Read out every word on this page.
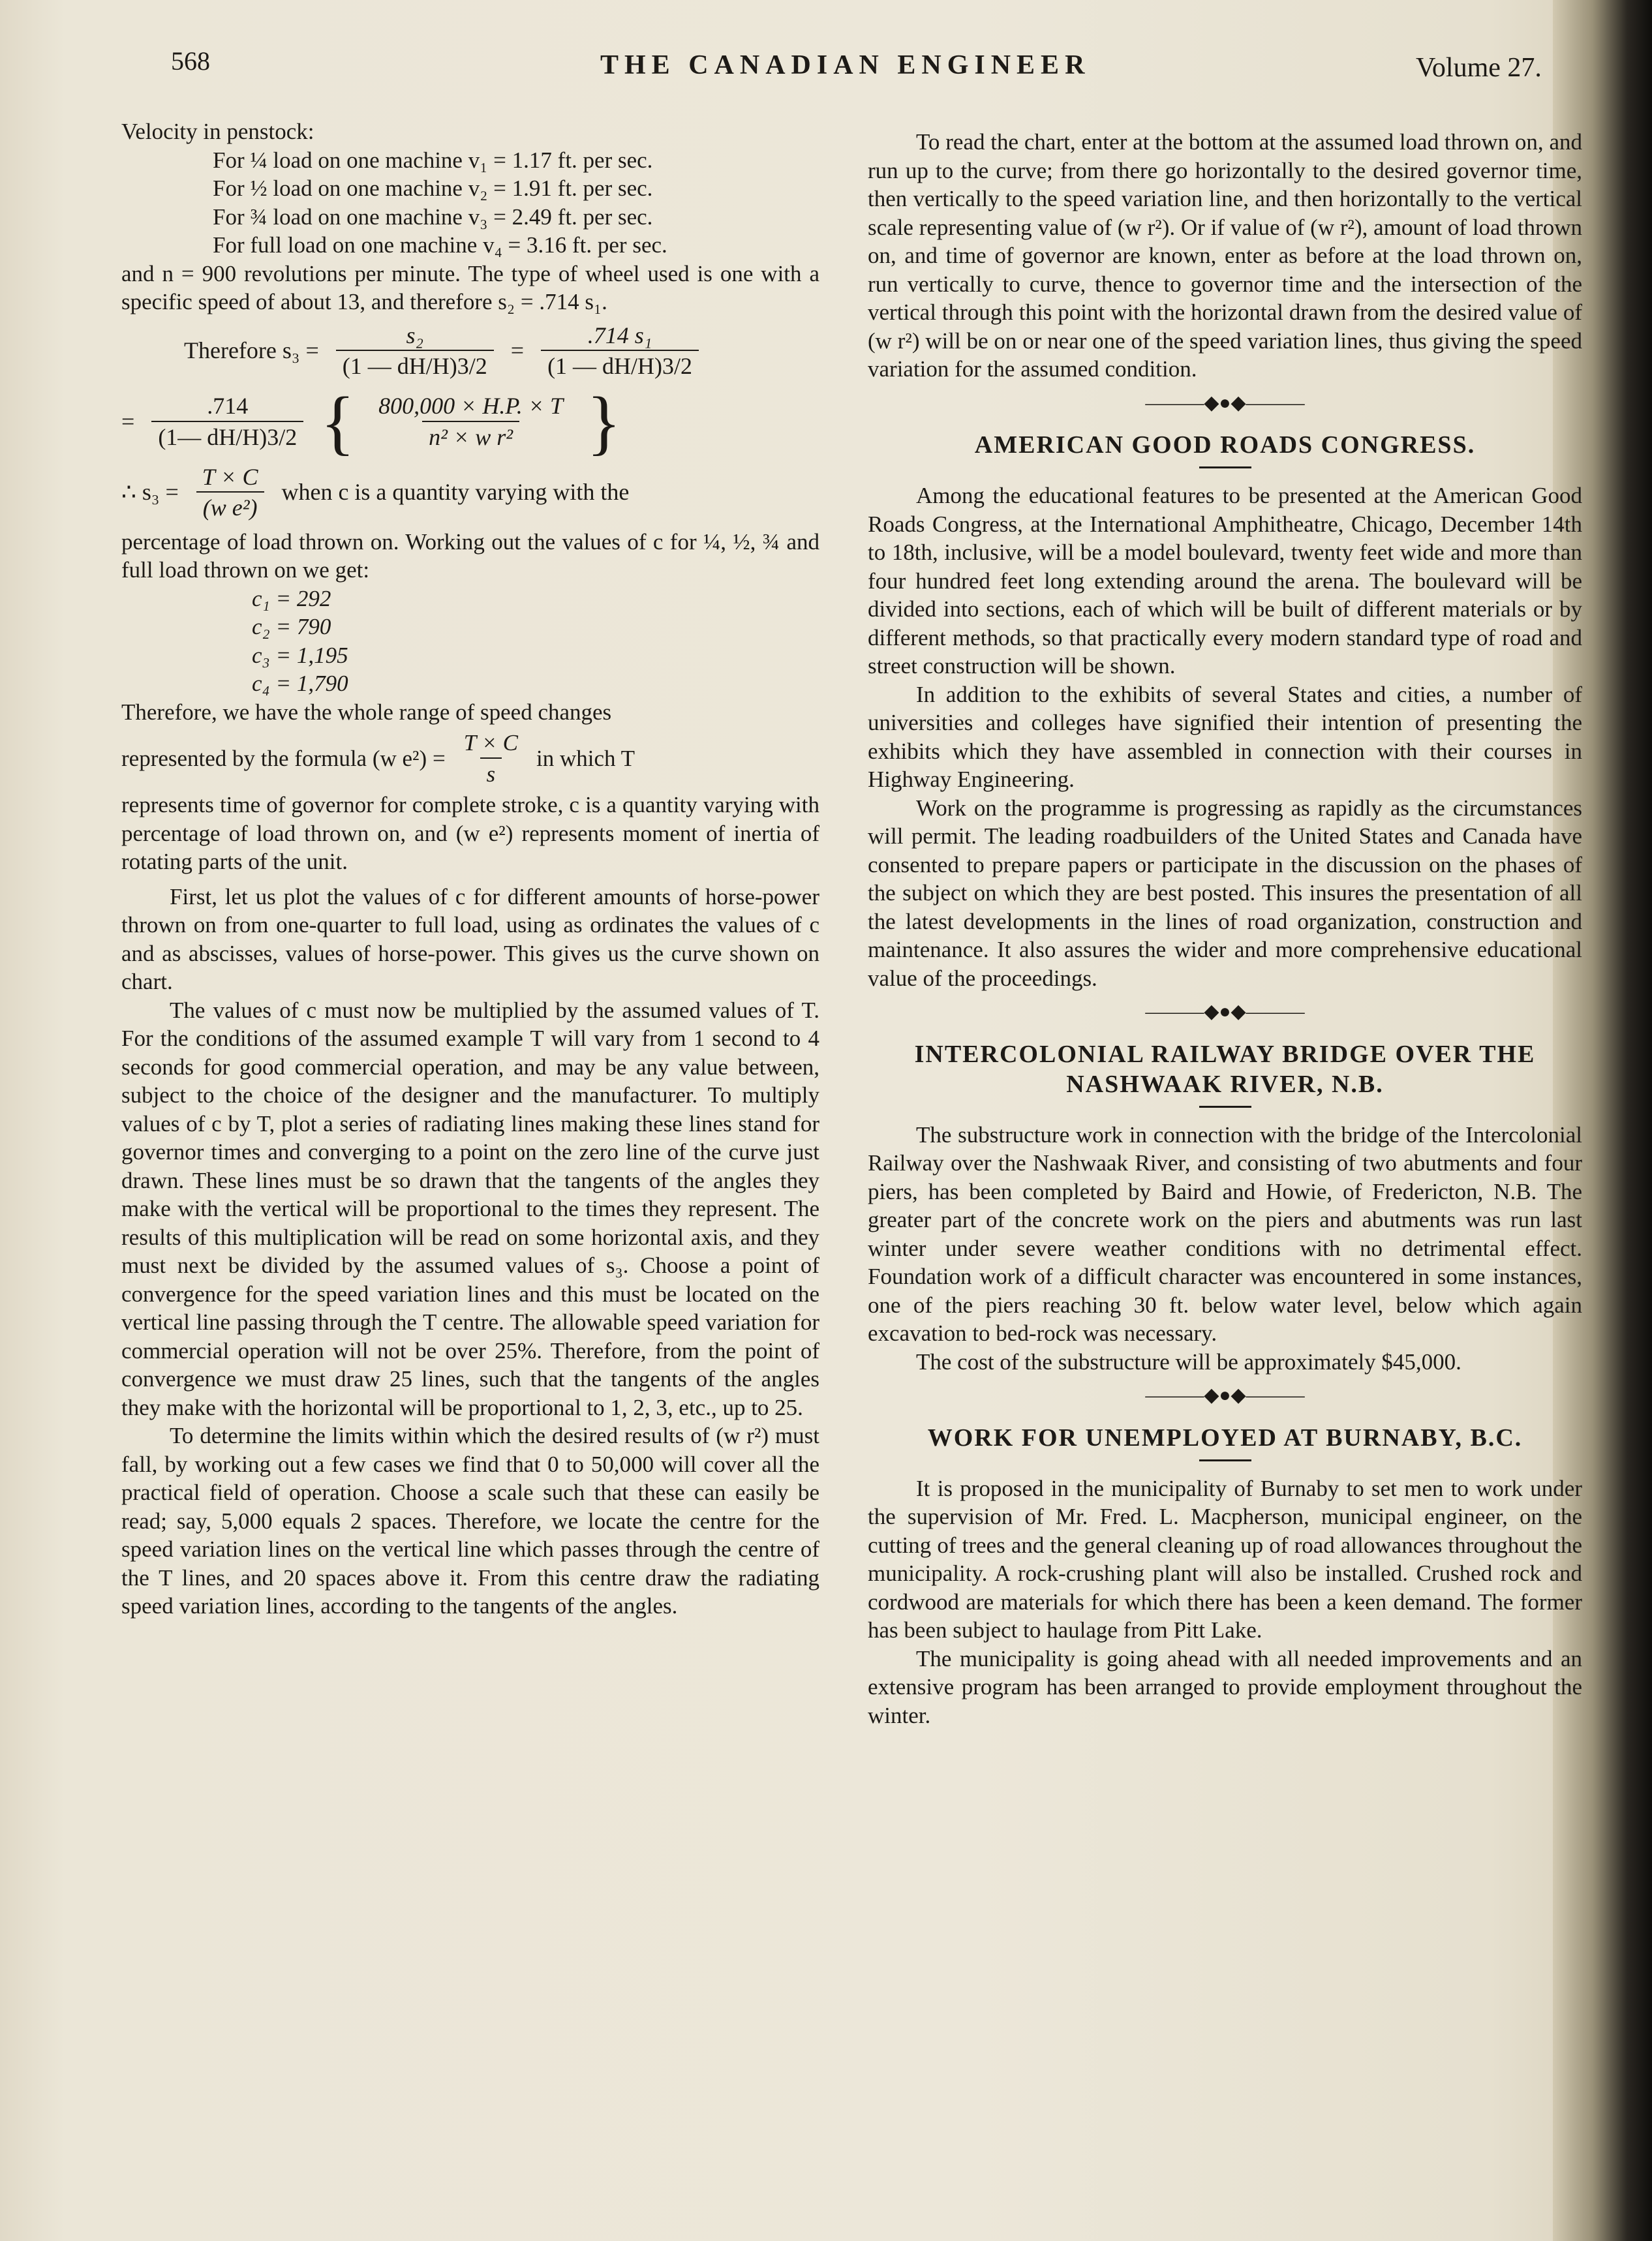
568	THE CANADIAN ENGINEER	Volume 27.

Velocity in penstock:

For ¼ load on one machine v₁ = 1.17 ft. per sec.

For ½ load on one machine v₂ = 1.91 ft. per sec.

For ¾ load on one machine v₃ = 2.49 ft. per sec.

For full load on one machine v₄ = 3.16 ft. per sec.

and n = 900 revolutions per minute. The type of wheel used is one with a specific speed of about 13, and therefore s₂ = .714 s₁.

Therefore $s_3 = \frac{\text{s₂}}{(1 — dH/H)3/2} = \frac{\text{.714 s₁}}{(1 — dH/H)3/2}$
= $\frac{.714}{(1— dH/H)3/2}$ { $\frac{800,000 \times H.P. \times T}{\text{n² × w r²}}$ }
∴ $s_3 = \frac{T \times C}{\text{(w e²)}}$ when c is a quantity varying with the

percentage of load thrown on. Working out the values of c for ¼, ½, ¾ and full load thrown on we get:

c₁ = 292

c₂ = 790

c₃ = 1,195

c₄ = 1,790

Therefore, we have the whole range of speed changes

represented by the formula (w $e^2) = \frac{T \times C}{s}$ in which T

represents time of governor for complete stroke, c is a quantity varying with percentage of load thrown on, and (w e²) represents moment of inertia of rotating parts of the unit.

First, let us plot the values of c for different amounts of horse-power thrown on from one-quarter to full load, using as ordinates the values of c and as abscisses, values of horse-power. This gives us the curve shown on chart.

The values of c must now be multiplied by the assumed values of T. For the conditions of the assumed example T will vary from 1 second to 4 seconds for good commercial operation, and may be any value between, subject to the choice of the designer and the manufacturer. To multiply values of c by T, plot a series of radiating lines making these lines stand for governor times and converging to a point on the zero line of the curve just drawn. These lines must be so drawn that the tangents of the angles they make with the vertical will be proportional to the times they represent. The results of this multiplication will be read on some horizontal axis, and they must next be divided by the assumed values of s₃. Choose a point of convergence for the speed variation lines and this must be located on the vertical line passing through the T centre. The allowable speed variation for commercial operation will not be over 25%. Therefore, from the point of convergence we must draw 25 lines, such that the tangents of the angles they make with the horizontal will be proportional to 1, 2, 3, etc., up to 25.

To determine the limits within which the desired results of (w r²) must fall, by working out a few cases we find that 0 to 50,000 will cover all the practical field of operation. Choose a scale such that these can easily be read; say, 5,000 equals 2 spaces. Therefore, we locate the centre for the speed variation lines on the vertical line which passes through the centre of the T lines, and 20 spaces above it. From this centre draw the radiating speed variation lines, according to the tangents of the angles.

To read the chart, enter at the bottom at the assumed load thrown on, and run up to the curve; from there go horizontally to the desired governor time, then vertically to the speed variation line, and then horizontally to the vertical scale representing value of (w r²). Or if value of (w r²), amount of load thrown on, and time of governor are known, enter as before at the load thrown on, run vertically to curve, thence to governor time and the intersection of the vertical through this point with the horizontal drawn from the desired value of (w r²) will be on or near one of the speed variation lines, thus giving the speed variation for the assumed condition.

———◆●◆———
AMERICAN GOOD ROADS CONGRESS.

Among the educational features to be presented at the American Good Roads Congress, at the International Amphitheatre, Chicago, December 14th to 18th, inclusive, will be a model boulevard, twenty feet wide and more than four hundred feet long extending around the arena. The boulevard will be divided into sections, each of which will be built of different materials or by different methods, so that practically every modern standard type of road and street construction will be shown.

In addition to the exhibits of several States and cities, a number of universities and colleges have signified their intention of presenting the exhibits which they have assembled in connection with their courses in Highway Engineering.

Work on the programme is progressing as rapidly as the circumstances will permit. The leading roadbuilders of the United States and Canada have consented to prepare papers or participate in the discussion on the phases of the subject on which they are best posted. This insures the presentation of all the latest developments in the lines of road organization, construction and maintenance. It also assures the wider and more comprehensive educational value of the proceedings.

———◆●◆———
INTERCOLONIAL RAILWAY BRIDGE OVER THE NASHWAAK RIVER, N.B.

The substructure work in connection with the bridge of the Intercolonial Railway over the Nashwaak River, and consisting of two abutments and four piers, has been completed by Baird and Howie, of Fredericton, N.B. The greater part of the concrete work on the piers and abutments was run last winter under severe weather conditions with no detrimental effect. Foundation work of a difficult character was encountered in some instances, one of the piers reaching 30 ft. below water level, below which again excavation to bed-rock was necessary.

The cost of the substructure will be approximately $45,000.

———◆●◆———
WORK FOR UNEMPLOYED AT BURNABY, B.C.

It is proposed in the municipality of Burnaby to set men to work under the supervision of Mr. Fred. L. Macpherson, municipal engineer, on the cutting of trees and the general cleaning up of road allowances throughout the municipality. A rock-crushing plant will also be installed. Crushed rock and cordwood are materials for which there has been a keen demand. The former has been subject to haulage from Pitt Lake.

The municipality is going ahead with all needed improvements and an extensive program has been arranged to provide employment throughout the winter.
